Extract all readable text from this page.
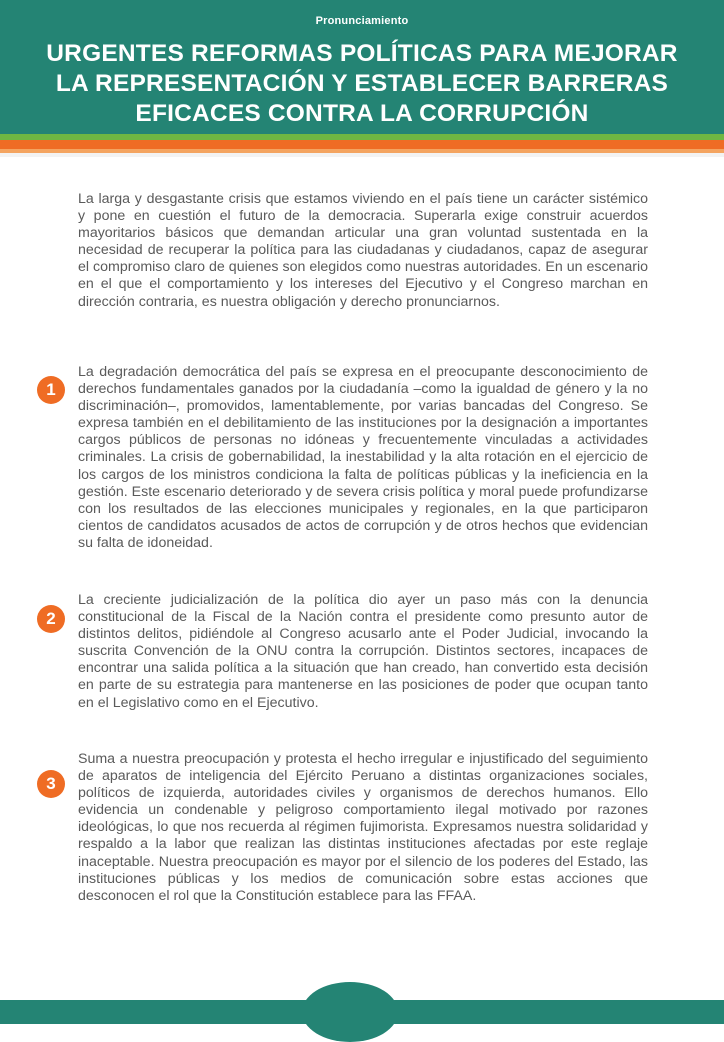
Pronunciamiento
URGENTES REFORMAS POLÍTICAS PARA MEJORAR LA REPRESENTACIÓN Y ESTABLECER BARRERAS EFICACES CONTRA LA CORRUPCIÓN

La larga y desgastante crisis que estamos viviendo en el país tiene un carácter sistémico y pone en cuestión el futuro de la democracia. Superarla exige construir acuerdos mayoritarios básicos que demandan articular una gran voluntad sustentada en la necesidad de recuperar la política para las ciudadanas y ciudadanos, capaz de asegurar el compromiso claro de quienes son elegidos como nuestras autoridades. En un escenario en el que el comportamiento y los intereses del Ejecutivo y el Congreso marchan en dirección contraria, es nuestra obligación y derecho pronunciarnos.

1

La degradación democrática del país se expresa en el preocupante desconocimiento de derechos fundamentales ganados por la ciudadanía –como la igualdad de género y la no discriminación–, promovidos, lamentablemente, por varias bancadas del Congreso. Se expresa también en el debilitamiento de las instituciones por la designación a importantes cargos públicos de personas no idóneas y frecuentemente vinculadas a actividades criminales. La crisis de gobernabilidad, la inestabilidad y la alta rotación en el ejercicio de los cargos de los ministros condiciona la falta de políticas públicas y la ineficiencia en la gestión. Este escenario deteriorado y de severa crisis política y moral puede profundizarse con los resultados de las elecciones municipales y regionales, en la que participaron cientos de candidatos acusados de actos de corrupción y de otros hechos que evidencian su falta de idoneidad.

2

La creciente judicialización de la política dio ayer un paso más con la denuncia constitucional de la Fiscal de la Nación contra el presidente como presunto autor de distintos delitos, pidiéndole al Congreso acusarlo ante el Poder Judicial, invocando la suscrita Convención de la ONU contra la corrupción. Distintos sectores, incapaces de encontrar una salida política a la situación que han creado, han convertido esta decisión en parte de su estrategia para mantenerse en las posiciones de poder que ocupan tanto en el Legislativo como en el Ejecutivo.

3

Suma a nuestra preocupación y protesta el hecho irregular e injustificado del seguimiento de aparatos de inteligencia del Ejército Peruano a distintas organizaciones sociales, políticos de izquierda, autoridades civiles y organismos de derechos humanos. Ello evidencia un condenable y peligroso comportamiento ilegal motivado por razones ideológicas, lo que nos recuerda al régimen fujimorista. Expresamos nuestra solidaridad y respaldo a la labor que realizan las distintas instituciones afectadas por este reglaje inaceptable. Nuestra preocupación es mayor por el silencio de los poderes del Estado, las instituciones públicas y los medios de comunicación sobre estas acciones que desconocen el rol que la Constitución establece para las FFAA.
